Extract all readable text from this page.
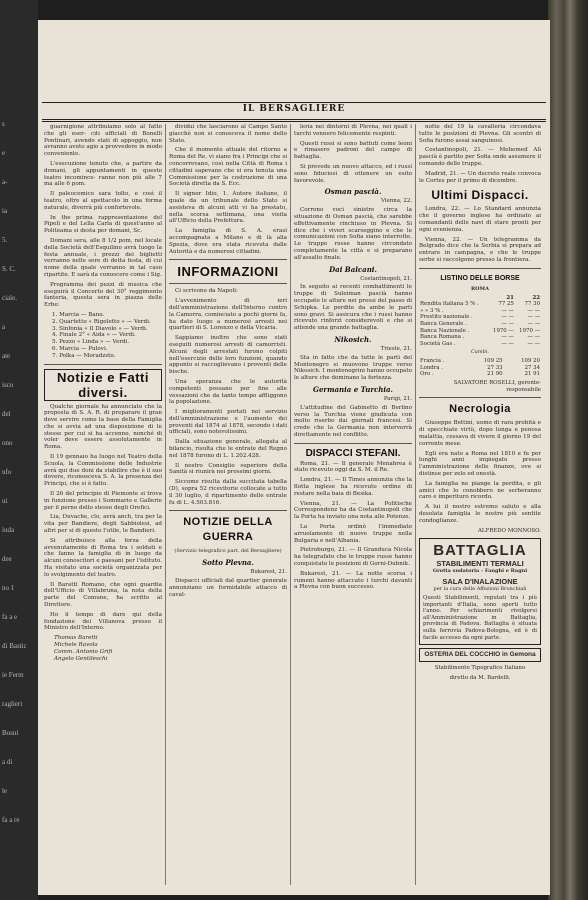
s
e
a-
ia
5.
S. C.
ciale.
a
ate
isco
del
ono
ufo
ui
iuda
dee
no 1
fa a e
di Bastic
ie Ferm
raglieri
Bosni
a di
le
fa a re
IL BERSAGLIERE

guarnigione attribuiamo solo al fatto che gli eser- citi ufficiali di Bonelli Pontinari, avendo stati di appoggio, non avranno avuto agio a provvedere in modo conveniente.

L'esecuzione tenuto che, a partire da domani, gli appuntamenti in questo teatro incomince- ranno non più alle 7 ma alle 6 pom.

Il paleocemico sara tolto, e così il teatro, oltre al spettacolo in una forma naturale, diverrà più confortevole.

In the prima rappresentazione del Pipelì e del Lella Carla di quest'anno al Politeama si desta per domani, Sc.

Domani sera, alle 8 1/2 pom, nel locale della Società dell'Esquilino avrà luogo la festa annuale, i prezzi dei biglietti verranno nelle sere di detta festa, di cui nome della quale verranno in tal caso ripartite. E sarà da conoscere come i Sig.

Programma dei pezzi di musica che eseguirà il Concerto del 30° reggimento fanteria, questa sera in piazza delle Erbe:

1. Marcia — Bano.

2. Quartetto « Rigoletto » — Verdi.

3. Sinfonia « Il Diavolo » — Verdi.

4. Finale 2° « Aida » — Verdi.

5. Pezzo « Linda » — Verdi.

6. Marcia — Pulovi.

7. Polka — Moradzsto.

Notizie e Fatti diversi.

Qualche giornale ha annunciato che la proposta di S. A. R. di preparare il gran deve servire come la base della Famiglia che si avvia ad una disposizione di le stesse per cui si ha accenno, nonché di voler deve essere assolutamente in Roma.

Il 19 gennaio ha luogo nel Teatro della Scuola, la Commissione delle Industrie avrà qui due doni da stabilire che è il suo dovere, riconosceva S. A. la presenza dei Principi, che si è fatto.

Il 26 del principio di Piemonte si trova in funzione presso i Sommario e Gallerie per il perno dello stesso degli Orefici.

Lia, Duvache, clo, avrà anch, tra per la vita per Bandiere, degli Sabbiolesi, ad altri per si di questo l'utile, le Bandieri.

Si attribuisce alla forza della avvenutamente di Roma tra i soldati e che fanno la famiglia di in luogo da alcuni conoscitori e paesani per l'istituto. Ha visitato una società organizzata per lo svolgimento del teatro.

Il Baratti Romano, che ogni guardia dell'Ufficio di Villabruna, la nota della parte del Comune, ha scritto al Direttore.

Ho il tempo di dare qui della fondazione dei Villanova presso il Ministro dell'Interno.

Thomas Baretti

Michele Ravola

Comm. Antonio Grifi

Angelo Gentileschi

dividui che lasciarono al Campo Santo giacchè non si conosceva il nome dello Stato.

Che il momento attuale del ritorno a Roma del Re, vi siano fra i Principi che si concorrevano, così nella Città di Roma i cittadini sapevano che si era tenuta una Commissione per la costruzione di una Società diretta da S. Ecc.

Il signor Idio, 1. Autore italiano, il quale da un tribunale dello Stato si assisteva di alcuni atti vi ha prestato, nella scorsa settimana, una visita all'Ufficio della Prefettura.

La famiglia di S. A. erasi accompagnata a Milano e di là alla Spezia, dove era stata ricevuta dalle Autorità e da numerosi cittadini.

INFORMAZIONI

Ci scrivono da Napoli:

L'avvenimento di ieri dell'amministrazione dell'Interno contro la Camorra, cominciato a pochi giorni fa, ha dato luogo a numerosi arresti nei quartieri di S. Lorenzo e della Vicaria.

Sappiamo inoltre che sono stati eseguiti numerosi arresti di camorristi. Alcuni degli arrestati furono colpiti nell'esercizio delle loro funzioni, quando appunto si raccoglievano i proventi delle bische.

Una speranza che le autorità competenti possano por fine alle vessazioni che da tanto tempo affliggono la popolazione.

I miglioramenti portati nei servizio dell'amministrazione e l'aumento dei proventi dal 1874 al 1878, secondo i dati ufficiali, sono notevolissimi.

Dalla situazione generale, allegata al bilancio, risulta che le entrate del Regno nel 1878 furono di L. 1.202.428.

Il nostro Consiglio superiore della Sanità si riunirà nei prossimi giorni.

Siccome risulta dalla succitata tabella (D), sopra 52 ricevitorie collocate a tutto il 30 luglio, il ripartimento delle entrate fu di L. 4.503.816.

NOTIZIE DELLA GUERRA
(Servizio telegrafico part. del Bersagliere)
Sotto Plevna.
Bukarest, 21.

Dispacci ufficiali dal quartier generale annunziano un formidabile attacco di caval-

leria nei dintorni di Plevna, nei quali i turchi vennero felicemente respinti.

Questi russi si sono battuti come leoni e rimasero padroni del campo di battaglia.

Si prevede un nuovo attacco, ed i russi sono fiduciosi di ottenere un esito favorevole.

Osman pascià.
Vienna, 22.

Corrono voci sinistre circa la situazione di Osman pascià, che sarebbe effettivamente rinchiuso in Plevna. Si dice che i viveri scarseggino e che le comunicazioni con Sofia siano interrotte. Le truppe russe hanno circondato completamente la città e si preparano all'assalto finale.

Dai Balcani.
Costantinopoli, 21.

In seguito ai recenti combattimenti le truppe di Suleiman pascià hanno occupato le alture nei pressi del passo di Schipka. Le perdite da ambe le parti sono gravi. Si assicura che i russi hanno ricevuto rinforzi considerevoli e che si attende una grande battaglia.

Nikosich.
Trieste, 21.

Sta in fatto che da tutte le parti del Montenegro si muovono truppe verso Nikosich. I montenegrini hanno occupato le alture che dominano la fortezza.

Germania e Turchia.
Parigi, 21.

L'attitudine del Gabinetto di Berlino verso la Turchia viene giudicata con molto riserbo dai giornali francesi. Si crede che la Germania non interverrà direttamente nel conflitto.

DISPACCI STEFANI.

Roma, 21. — Il generale Menabrea è stato ricevuto oggi da S. M. il Re.

Londra, 21. — Il Times annunzia che la flotta inglese ha ricevuto ordine di restare nella baia di Besika.

Vienna, 21. — La Politische Correspondenz ha da Costantinopoli che la Porta ha inviato una nota alle Potenze.

La Porta ordinò l'immediato arruolamento di nuove truppe nella Bulgaria e nell'Albania.

Pietroburgo, 21. — Il Granduca Nicola ha telegrafato che le truppe russe hanno conquistato le posizioni di Gorni-Dubnik.

Bukarest, 21. — La notte scorsa i rumeni hanno attaccato i turchi davanti a Plevna con buon successo.

notte del 19 la cavalleria circondava tutte le posizioni di Plevna. Gli scontri di Sofia furono assai sanguinosi.

Costantinopoli, 21. — Mehemed Alì pascià è partito per Sofia onde assumere il comando delle truppe.

Madrid, 21. — Un decreto reale convoca le Cortes per il primo di dicembre.

Ultimi Dispacci.

Londra, 22. — Lo Standard annunzia che il governo inglese ha ordinato ai comandanti delle navi di stare pronti per ogni evenienza.

Vienna, 22. — Un telegramma da Belgrado dice che la Serbia si prepara ad entrare in campagna, e che le truppe serbe si raccolgono presso la frontiera.

LISTINO DELLE BORSE
ROMA
	21	22
Rendita italiana 5 % .	77 25	77 30
» » 3 % .	— —	— —
Prestito nazionale .	— —	— —
Banca Generale .	— —	— —
Banca Nazionale .	1970 —	1970 —
Banca Romana .	— —	— —
Società Gas .	— —	— —
Cambi.
Francia .	109 25	109 20
Londra .	27 33	27 34
Oro .	21 90	21 91
SALVATORE ROSELLI, gerente-responsabile
Necrologia

Giuseppe Bettini, uomo di rara probità e di specchiate virtù, dopo lunga e penosa malattia, cessava di vivere il giorno 19 del corrente mese.

Egli era nato a Roma nel 1810 e fu per lunghi anni impiegato presso l'amministrazione delle finanze, ove si distinse per zelo ed onestà.

La famiglia ne piange la perdita, e gli amici che lo conobbero ne serberanno caro e imperituro ricordo.

A lui il nostro estremo saluto e alla desolata famiglia le nostre più sentite condoglianze.

ALFREDO MONNOSO.
BATTAGLIA
STABILIMENTI TERMALI
Grotta sudatoria - Fanghi e Bagni
SALA D'INALAZIONE
per la cura delle Affezioni Bronchiali
Questi Stabilimenti, reputati tra i più importanti d'Italia, sono aperti tutto l'anno. Per schiarimenti rivolgersi all'Amministrazione in Battaglia, provincia di Padova. Battaglia è situata sulla ferrovia Padova-Bologna, ed è di facile accesso da ogni parte.
OSTERIA DEL COCCHIO in Gemona
Stabilimento Tipografico Italiano
diretto da M. Bardelli.
